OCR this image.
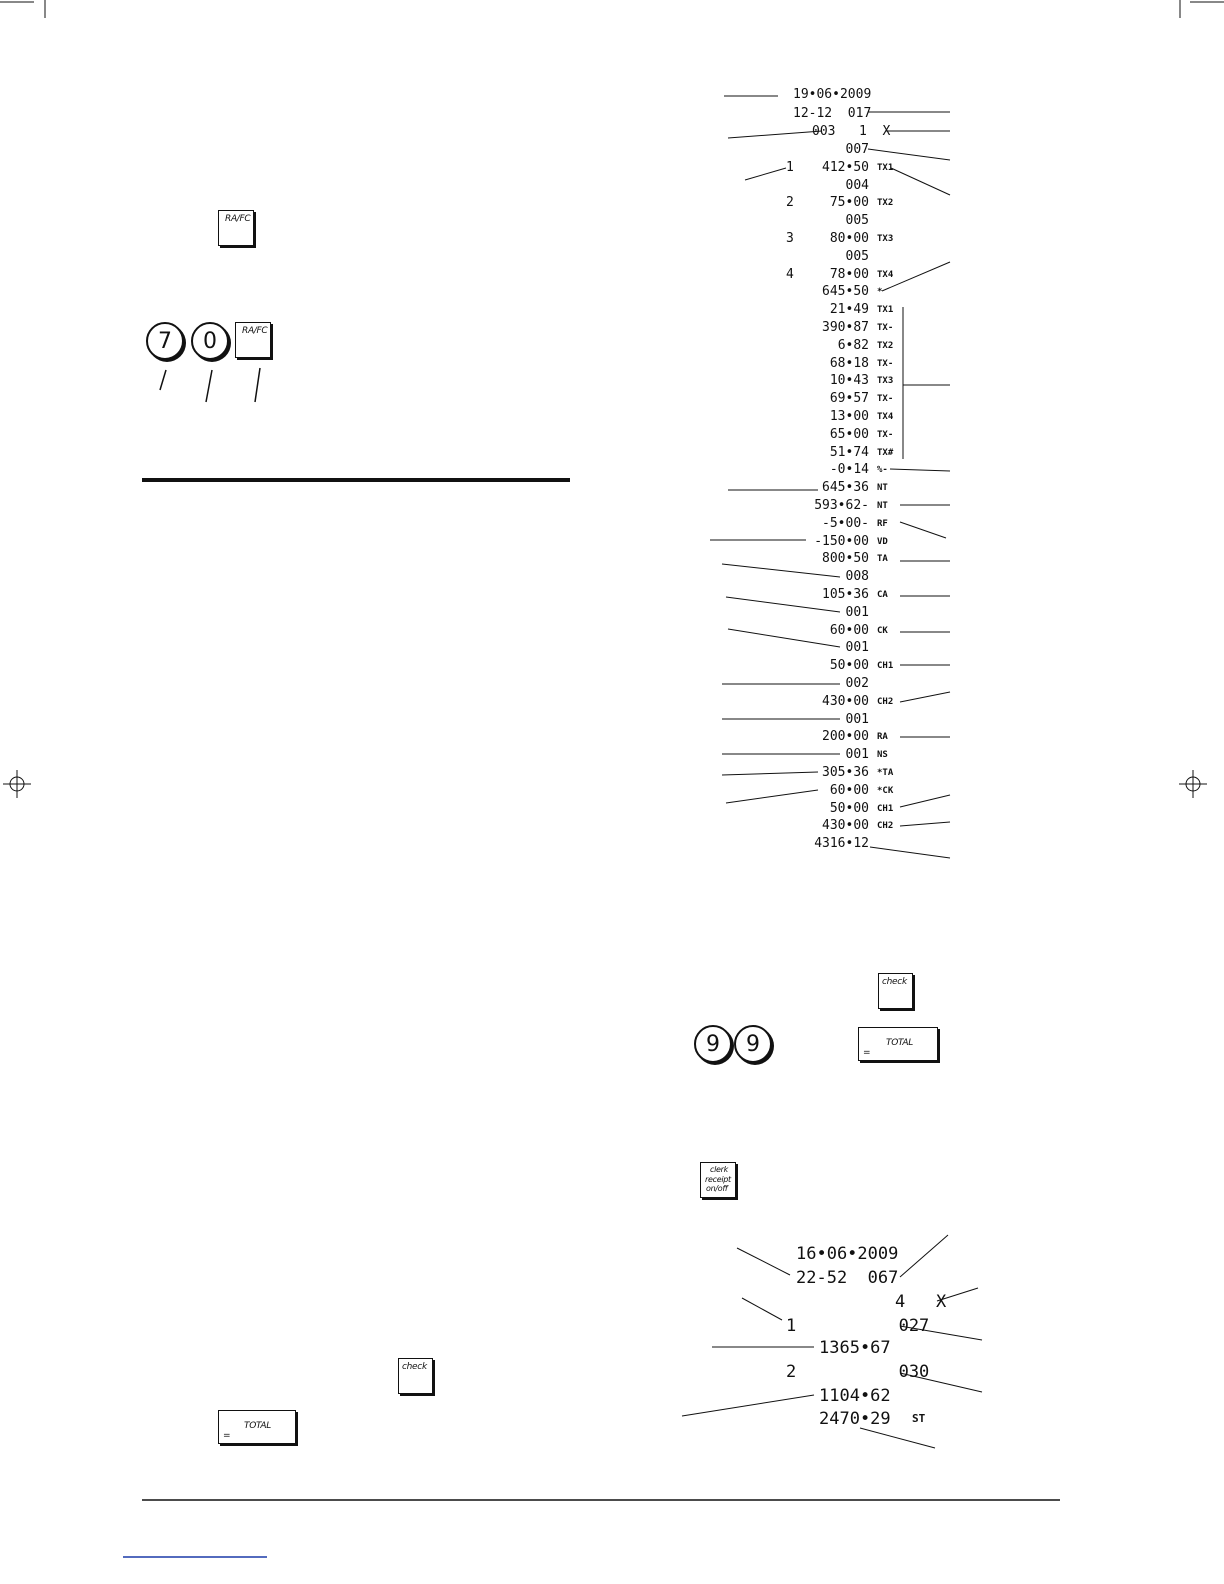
RA/FC
7	0	RA/FC
check
TOTAL
=
19•06•2009
12-12  017
003   1  X
007
1 412•50 TX1
004
2	75•00 TX2
005
3	80•00 TX3
005
4	78•00 TX4
645•50 *
21•49 TX1
390•87 TX-
6•82 TX2
68•18 TX-
10•43 TX3
69•57 TX-
13•00 TX4
65•00 TX-
51•74 TX#
-0•14 %-
645•36 NT
593•62- NT
-5•00- RF
-150•00 VD
800•50 TA
008
105•36 CA
001
60•00 CK
001
50•00 CH1
002
430•00 CH2
001
200•00 RA
001 NS
305•36 *TA
60•00 *CK
50•00 CH1
430•00 CH2
4316•12
check
9	9	TOTAL
=
clerk
receipt
on/off
16•06•2009
22-52  067
4   X
1          027
1365•67
2          030
1104•62
2470•29 ST
